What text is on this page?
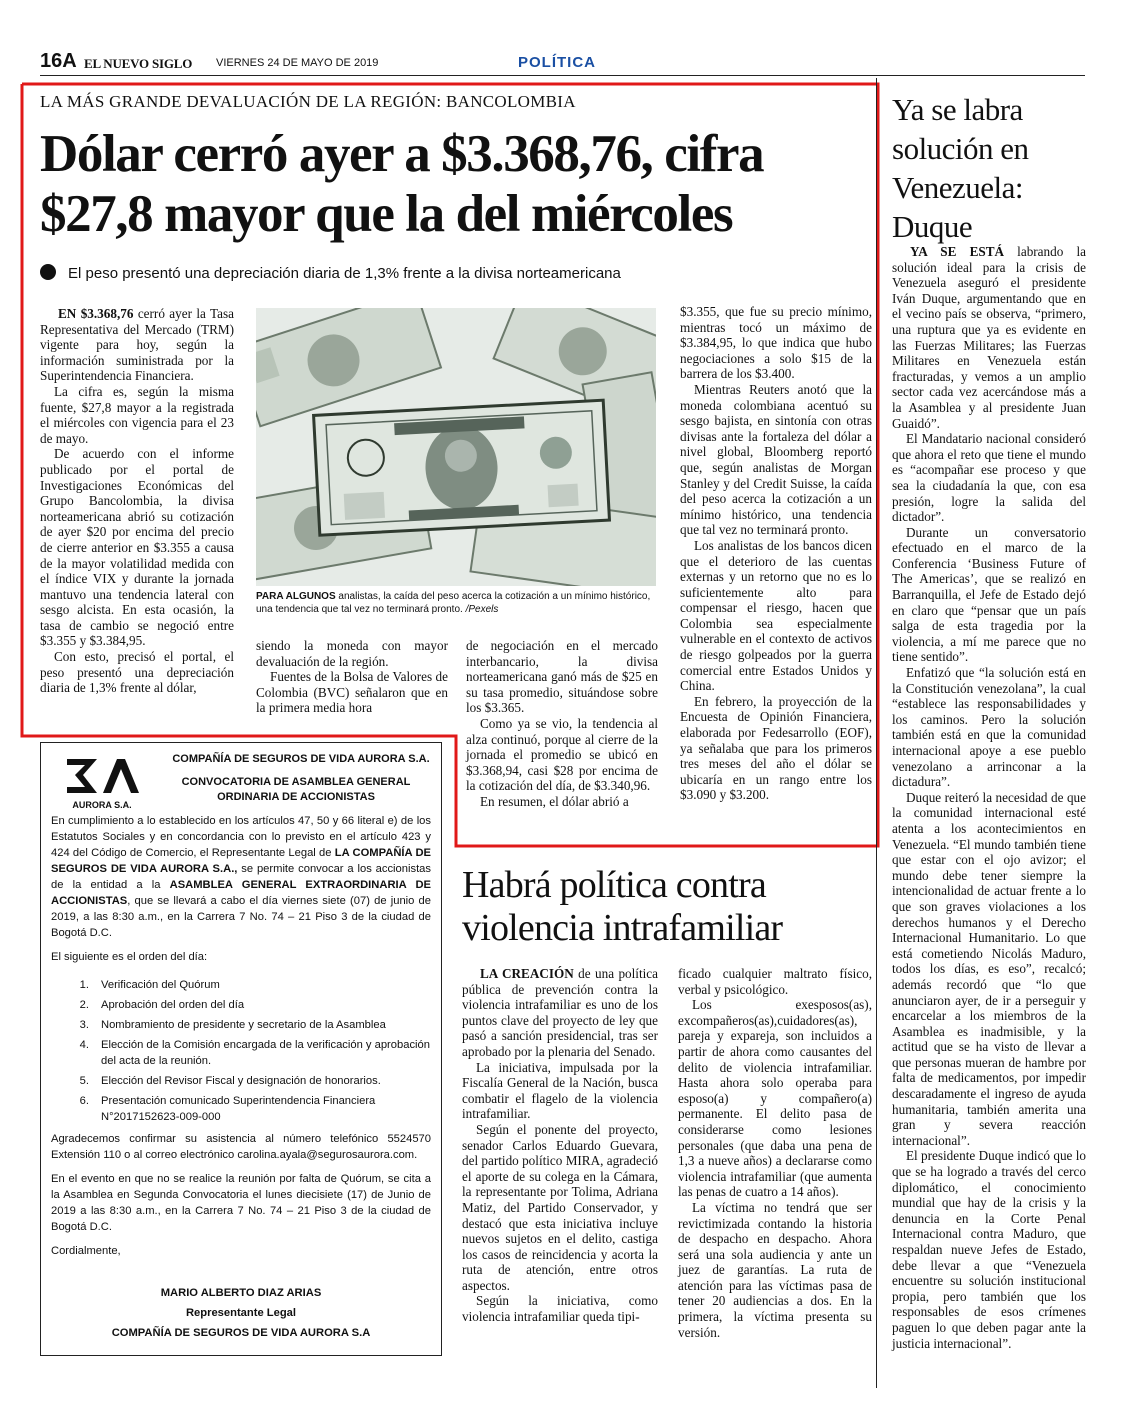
16A EL NUEVO SIGLO VIERNES 24 DE MAYO DE 2019	POLÍTICA
LA MÁS GRANDE DEVALUACIÓN DE LA REGIÓN: BANCOLOMBIA
Dólar cerró ayer a $3.368,76, cifra $27,8 mayor que la del miércoles
El peso presentó una depreciación diaria de 1,3% frente a la divisa norteamericana

EN $3.368,76 cerró ayer la Tasa Representativa del Mercado (TRM) vigente para hoy, según la información suministrada por la Superintendencia Financiera.

La cifra es, según la misma fuente, $27,8 mayor a la registrada el miércoles con vigencia para el 23 de mayo.

De acuerdo con el informe publicado por el portal de Investigaciones Económicas del Grupo Bancolombia, la divisa norteamericana abrió su cotización de ayer $20 por encima del precio de cierre anterior en $3.355 a causa de la mayor volatilidad medida con el índice VIX y durante la jornada mantuvo una tendencia lateral con sesgo alcista. En esta ocasión, la tasa de cambio se negoció entre $3.355 y $3.384,95.

Con esto, precisó el portal, el peso presentó una depreciación diaria de 1,3% frente al dólar,

PARA ALGUNOS analistas, la caída del peso acerca la cotización a un mínimo histórico, una tendencia que tal vez no terminará pronto. /Pexels

siendo la moneda con mayor devaluación de la región.

Fuentes de la Bolsa de Valores de Colombia (BVC) señalaron que en la primera media hora

de negociación en el mercado interbancario, la divisa norteamericana ganó más de $25 en su tasa promedio, situándose sobre los $3.365.

Como ya se vio, la tendencia al alza continuó, porque al cierre de la jornada el promedio se ubicó en $3.368,94, casi $28 por encima de la cotización del día, de $3.340,96.

En resumen, el dólar abrió a

$3.355, que fue su precio mínimo, mientras tocó un máximo de $3.384,95, lo que indica que hubo negociaciones a solo $15 de la barrera de los $3.400.

Mientras Reuters anotó que la moneda colombiana acentuó su sesgo bajista, en sintonía con otras divisas ante la fortaleza del dólar a nivel global, Bloomberg reportó que, según analistas de Morgan Stanley y del Credit Suisse, la caída del peso acerca la cotización a un mínimo histórico, una tendencia que tal vez no terminará pronto.

Los analistas de los bancos dicen que el deterioro de las cuentas externas y un retorno que no es lo suficientemente alto para compensar el riesgo, hacen que Colombia sea especialmente vulnerable en el contexto de activos de riesgo golpeados por la guerra comercial entre Estados Unidos y China.

En febrero, la proyección de la Encuesta de Opinión Financiera, elaborada por Fedesarrollo (EOF), ya señalaba que para los primeros tres meses del año el dólar se ubicaría en un rango entre los $3.090 y $3.200.

Ya se labra solución en Venezuela: Duque

YA SE ESTÁ labrando la solución ideal para la crisis de Venezuela aseguró el presidente Iván Duque, argumentando que en el vecino país se observa, “primero, una ruptura que ya es evidente en las Fuerzas Militares; las Fuerzas Militares en Venezuela están fracturadas, y vemos a un amplio sector cada vez acercándose más a la Asamblea y al presidente Juan Guaidó”.

El Mandatario nacional consideró que ahora el reto que tiene el mundo es “acompañar ese proceso y que sea la ciudadanía la que, con esa presión, logre la salida del dictador”.

Durante un conversatorio efectuado en el marco de la Conferencia ‘Business Future of The Americas’, que se realizó en Barranquilla, el Jefe de Estado dejó en claro que “pensar que un país salga de esta tragedia por la violencia, a mí me parece que no tiene sentido”.

Enfatizó que “la solución está en la Constitución venezolana”, la cual “establece las responsabilidades y los caminos. Pero la solución también está en que la comunidad internacional apoye a ese pueblo venezolano a arrinconar a la dictadura”.

Duque reiteró la necesidad de que la comunidad internacional esté atenta a los acontecimientos en Venezuela. “El mundo también tiene que estar con el ojo avizor; el mundo debe tener siempre la intencionalidad de actuar frente a lo que son graves violaciones a los derechos humanos y el Derecho Internacional Humanitario. Lo que está cometiendo Nicolás Maduro, todos los días, es eso”, recalcó; además recordó que “lo que anunciaron ayer, de ir a perseguir y encarcelar a los miembros de la Asamblea es inadmisible, y la actitud que se ha visto de llevar a que personas mueran de hambre por falta de medicamentos, por impedir descaradamente el ingreso de ayuda humanitaria, también amerita una gran y severa reacción internacional”.

El presidente Duque indicó que lo que se ha logrado a través del cerco diplomático, el conocimiento mundial que hay de la crisis y la denuncia en la Corte Penal Internacional contra Maduro, que respaldan nueve Jefes de Estado, debe llevar a que “Venezuela encuentre su solución institucional propia, pero también que los responsables de esos crímenes paguen lo que deben pagar ante la justicia internacional”.

AURORA S.A.
COMPAÑÍA DE SEGUROS DE VIDA AURORA S.A.
CONVOCATORIA DE ASAMBLEA GENERAL
ORDINARIA DE ACCIONISTAS

En cumplimiento a lo establecido en los artículos 47, 50 y 66 literal e) de los Estatutos Sociales y en concordancia con lo previsto en el artículo 423 y 424 del Código de Comercio, el Representante Legal de LA COMPAÑÍA DE SEGUROS DE VIDA AURORA S.A., se permite convocar a los accionistas de la entidad a la ASAMBLEA GENERAL EXTRAORDINARIA DE ACCIONISTAS, que se llevará a cabo el día viernes siete (07) de junio de 2019, a las 8:30 a.m., en la Carrera 7 No. 74 – 21 Piso 3 de la ciudad de Bogotá D.C.

El siguiente es el orden del día:

1.	Verificación del Quórum
2.	Aprobación del orden del día
3.	Nombramiento de presidente y secretario de la Asamblea
4.	Elección de la Comisión encargada de la verificación y aprobación del acta de la reunión.
5.	Elección del Revisor Fiscal y designación de honorarios.
6.	Presentación comunicado Superintendencia Financiera N°2017152623-009-000

Agradecemos confirmar su asistencia al número telefónico 5524570 Extensión 110 o al correo electrónico carolina.ayala@segurosaurora.com.

En el evento en que no se realice la reunión por falta de Quórum, se cita a la Asamblea en Segunda Convocatoria el lunes diecisiete (17) de Junio de 2019 a las 8:30 a.m., en la Carrera 7 No. 74 – 21 Piso 3 de la ciudad de Bogotá D.C.

Cordialmente,

MARIO ALBERTO DIAZ ARIAS
Representante Legal
COMPAÑÍA DE SEGUROS DE VIDA AURORA S.A
Habrá política contra violencia intrafamiliar

LA CREACIÓN de una política pública de prevención contra la violencia intrafamiliar es uno de los puntos clave del proyecto de ley que pasó a sanción presidencial, tras ser aprobado por la plenaria del Senado.

La iniciativa, impulsada por la Fiscalía General de la Nación, busca combatir el flagelo de la violencia intrafamiliar.

Según el ponente del proyecto, senador Carlos Eduardo Guevara, del partido político MIRA, agradeció el aporte de su colega en la Cámara, la representante por Tolima, Adriana Matiz, del Partido Conservador, y destacó que esta iniciativa incluye nuevos sujetos en el delito, castiga los casos de reincidencia y acorta la ruta de atención, entre otros aspectos.

Según la iniciativa, como violencia intrafamiliar queda tipi-

ficado cualquier maltrato físico, verbal y psicológico.

Los exesposos(as), excompañeros(as),cuidadores(as), pareja y expareja, son incluidos a partir de ahora como causantes del delito de violencia intrafamiliar. Hasta ahora solo operaba para esposo(a) y compañero(a) permanente. El delito pasa de considerarse como lesiones personales (que daba una pena de 1,3 a nueve años) a declararse como violencia intrafamiliar (que aumenta las penas de cuatro a 14 años).

La víctima no tendrá que ser revictimizada contando la historia de despacho en despacho. Ahora será una sola audiencia y ante un juez de garantías. La ruta de atención para las víctimas pasa de tener 20 audiencias a dos. En la primera, la víctima presenta su versión.
